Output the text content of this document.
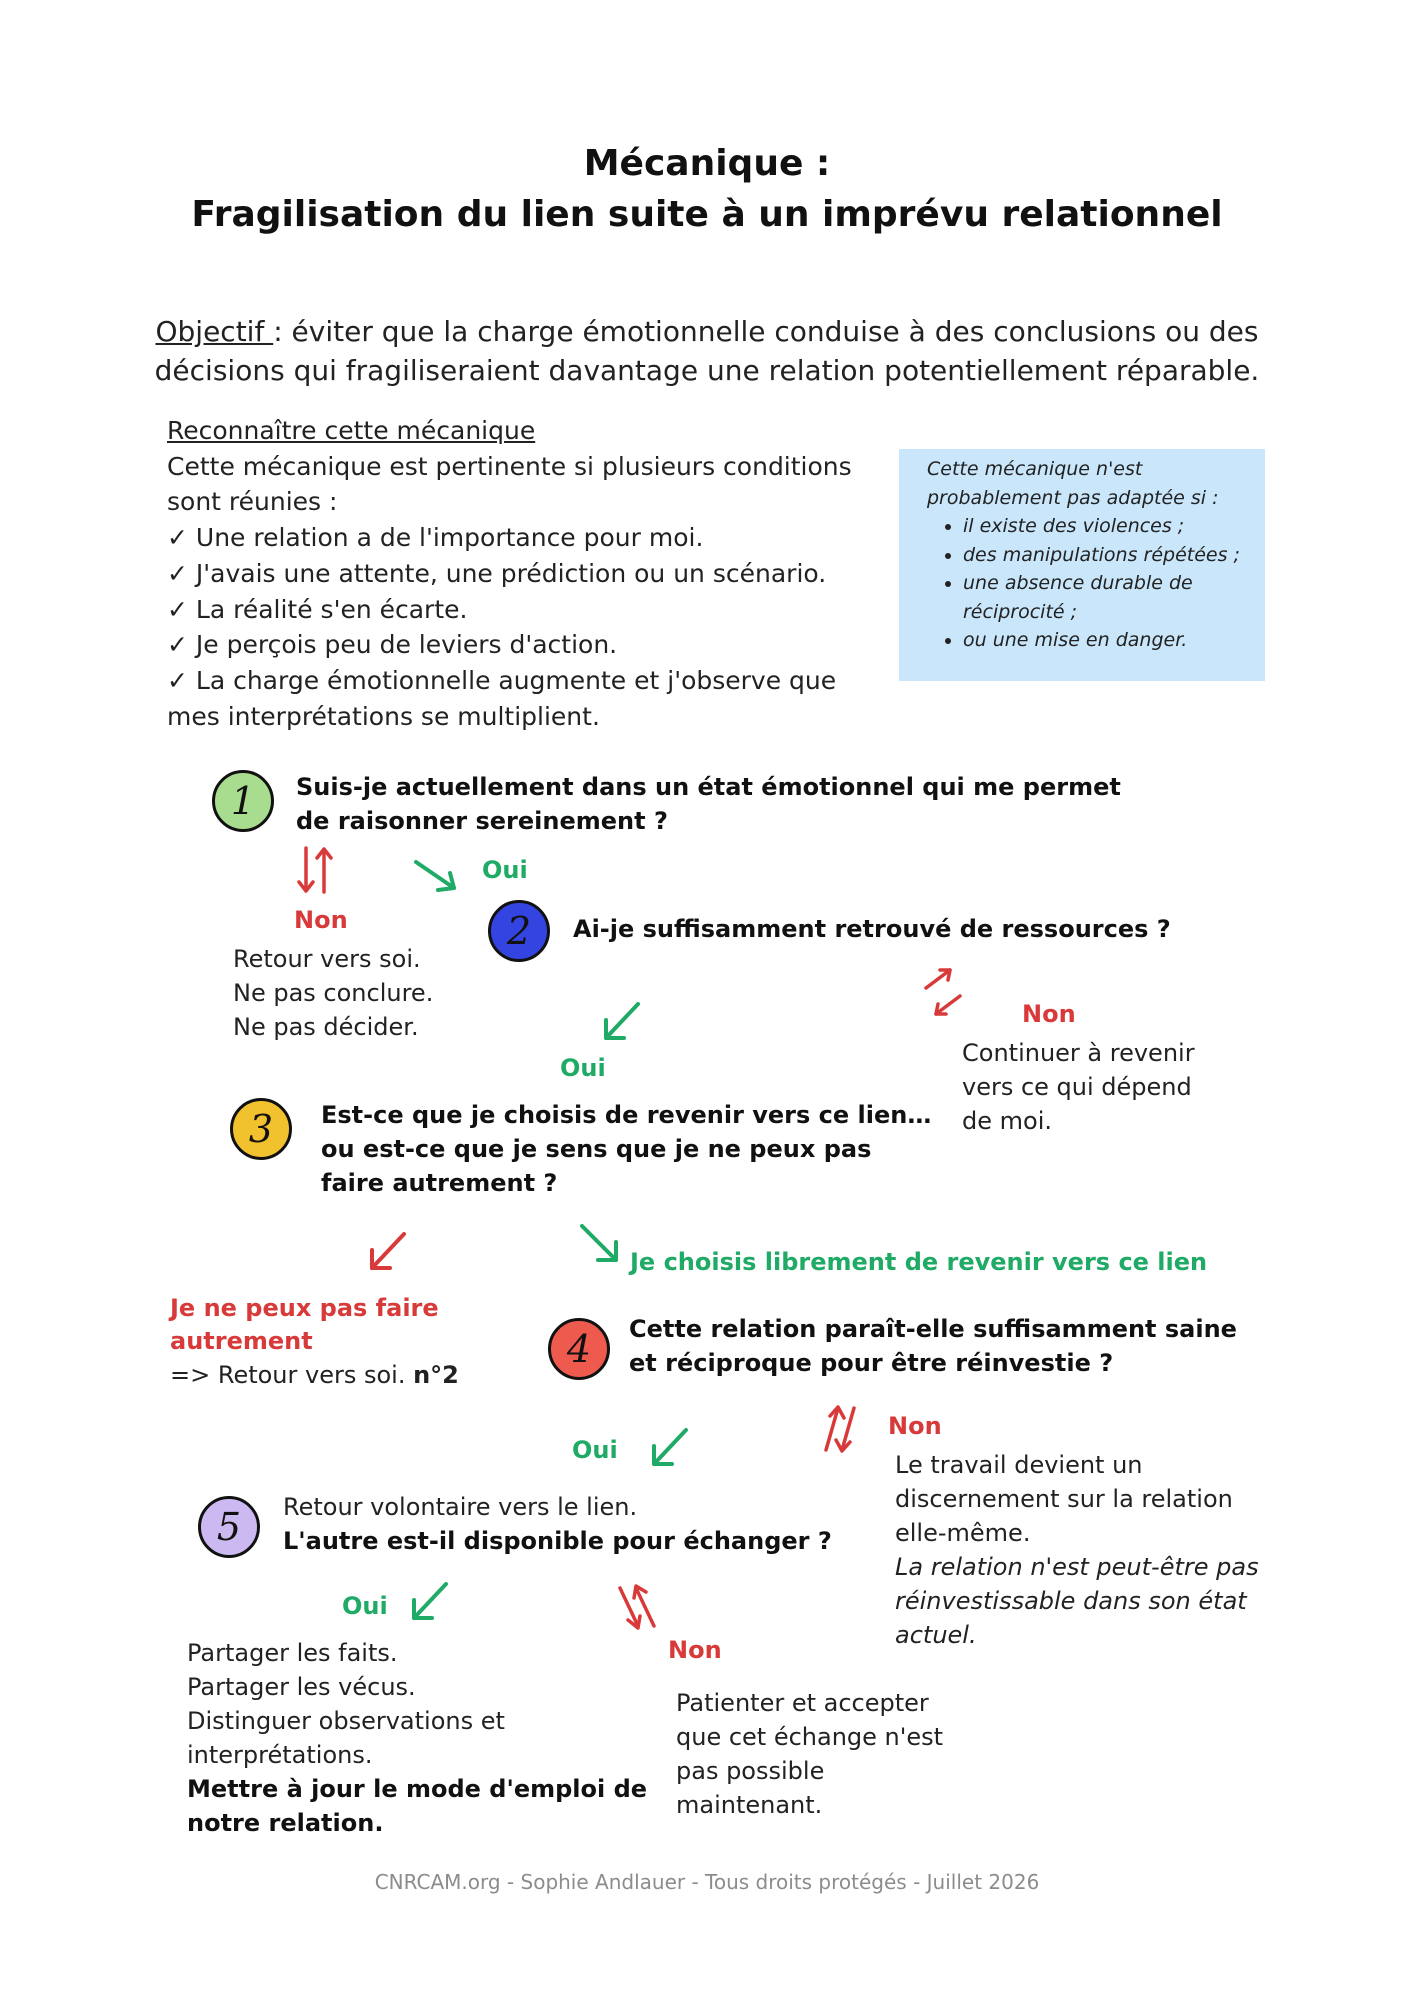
Mécanique :
Fragilisation du lien suite à un imprévu relationnel
Objectif : éviter que la charge émotionnelle conduise à des conclusions ou des
décisions qui fragiliseraient davantage une relation potentiellement réparable.
Reconnaître cette mécanique
Cette mécanique est pertinente si plusieurs conditions
sont réunies :
✓ Une relation a de l'importance pour moi.
✓ J'avais une attente, une prédiction ou un scénario.
✓ La réalité s'en écarte.
✓ Je perçois peu de leviers d'action.
✓ La charge émotionnelle augmente et j'observe que
mes interprétations se multiplient.
Cette mécanique n'est
probablement pas adaptée si :
• il existe des violences ;
• des manipulations répétées ;
• une absence durable de réciprocité ;
• ou une mise en danger.
1 Suis-je actuellement dans un état émotionnel qui me permet
de raisonner sereinement ?
Oui
Non
Retour vers soi.
Ne pas conclure.
Ne pas décider.
2 Ai-je suffisamment retrouvé de ressources ?
Non
Continuer à revenir
vers ce qui dépend
de moi.
Oui
3 Est-ce que je choisis de revenir vers ce lien…
ou est-ce que je sens que je ne peux pas
faire autrement ?
Je choisis librement de revenir vers ce lien
Je ne peux pas faire
autrement
=> Retour vers soi. n°2
4 Cette relation paraît-elle suffisamment saine
et réciproque pour être réinvestie ?
Non
Le travail devient un
discernement sur la relation
elle-même.
La relation n'est peut-être pas
réinvestissable dans son état
actuel.
Oui
5 Retour volontaire vers le lien.
L'autre est-il disponible pour échanger ?
Oui
Non
Partager les faits.
Partager les vécus.
Distinguer observations et
interprétations.
Mettre à jour le mode d'emploi de
notre relation.
Patienter et accepter
que cet échange n'est
pas possible
maintenant.
CNRCAM.org - Sophie Andlauer - Tous droits protégés - Juillet 2026
